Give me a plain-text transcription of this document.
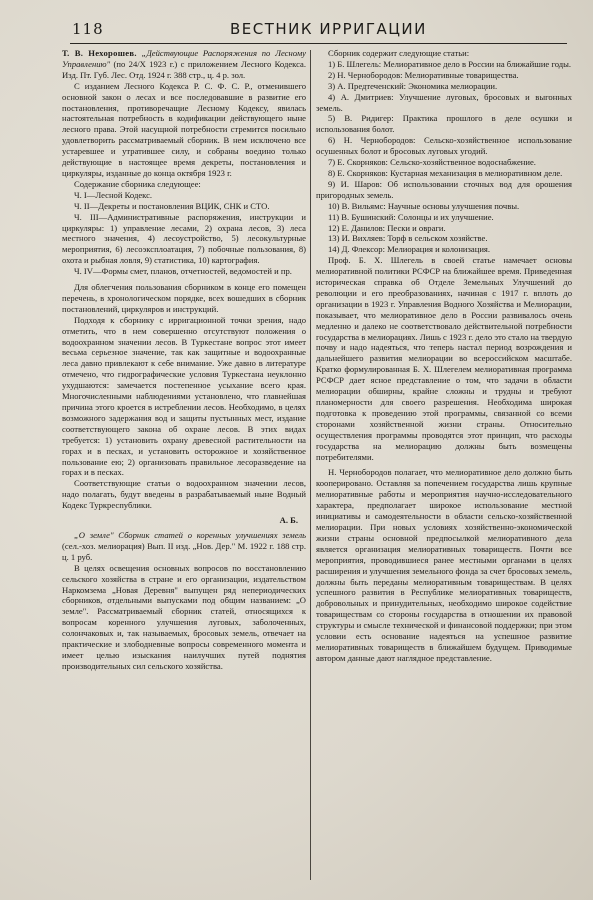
118	ВЕСТНИК ИРРИГАЦИИ

Т. В. Нехорошев. „Действующие Распоряжения по Лесному Управлению" (по 24/X 1923 г.) с приложением Лесного Кодекса. Изд. Пт. Губ. Лес. Отд. 1924 г. 388 стр., ц. 4 р. зол.

С изданием Лесного Кодекса Р. С. Ф. С. Р., отменившего основной закон о лесах и все последовавшие в развитие его постановления, противоречащие Лесному Кодексу, явилась настоятельная потребность в кодификации действующего ныне лесного права. Этой насущной потребности стремится посильно удовлетворить рассматриваемый сборник. В нем исключено все устаревшее и утратившее силу, и собраны воедино только действующие в настоящее время декреты, постановления и циркуляры, изданные до конца октября 1923 г.

Содержание сборника следующее:

Ч. I—Лесной Кодекс.

Ч. II—Декреты и постановления ВЦИК, СНК и СТО.

Ч. III—Административные распоряжения, инструкции и циркуляры: 1) управление лесами, 2) охрана лесов, 3) леса местного значения, 4) лесоустройство, 5) лесокультурные мероприятия, 6) лесоэксплоатация, 7) побочные пользования, 8) охота и рыбная ловля, 9) статистика, 10) картография.

Ч. IV—Формы смет, планов, отчетностей, ведомостей и пр.

Для облегчения пользования сборником в конце его помещен перечень, в хронологическом порядке, всех вошедших в сборник постановлений, циркуляров и инструкций.

Подходя к сборнику с ирригационной точки зрения, надо отметить, что в нем совершенно отсутствуют положения о водоохранном значении лесов. В Туркестане вопрос этот имеет весьма серьезное значение, так как защитные и водоохранные леса давно привлекают к себе внимание. Уже давно в литературе отмечено, что гидрографические условия Туркестана неуклонно ухудшаются: замечается постепенное усыхание всего края. Многочисленными наблюдениями установлено, что главнейшая причина этого кроется в истреблении лесов. Необходимо, в целях возможного задержания вод и защиты пустынных мест, издание соответствующего закона об охране лесов. В этих видах требуется: 1) установить охрану древесной растительности на горах и в песках, и установить осторожное и хозяйственное пользование ею; 2) организовать правильное лесоразведение на горах и в песках.

Соответствующие статьи о водоохранном значении лесов, надо полагать, будут введены в разрабатываемый ныне Водный Кодекс Туркреспублики.

А. Б.

„О земле" Сборник статей о коренных улучшениях земель (сел.-хоз. мелиорация) Вып. II изд. „Нов. Дер." М. 1922 г. 188 стр. ц. 1 руб.

В целях освещения основных вопросов по восстановлению сельского хозяйства в стране и его организации, издательством Наркомзема „Новая Деревня" выпущен ряд непериодических сборников, отдельными выпусками под общим названием: „О земле". Рассматриваемый сборник статей, относящихся к вопросам коренного улучшения луговых, заболоченных, солончаковых и, так называемых, бросовых земель, отвечает на практические и злободневные вопросы современного момента и имеет целью изыскания наилучших путей поднятия производительных сил сельского хозяйства.

Сборник содержит следующие статьи:

1) Б. Шлегель: Мелиоративное дело в России на ближайшие годы.

2) Н. Чернобородов: Мелиоративные товарищества.

3) А. Предтеченский: Экономика мелиорации.

4) А. Дмитриев: Улучшение луговых, бросовых и выгонных земель.

5) В. Ридигер: Практика прошлого в деле осушки и использования болот.

6) Н. Чернобородов: Сельско-хозяйственное использование осушенных болот и бросовых луговых угодий.

7) Е. Скорняков: Сельско-хозяйственное водоснабжение.

8) Е. Скорняков: Кустарная механизация в мелиоративном деле.

9) И. Шаров: Об использовании сточных вод для орошения пригородных земель.

10) В. Вильямс: Научные основы улучшения почвы.

11) В. Бушинский: Солонцы и их улучшение.

12) Е. Данилов: Пески и овраги.

13) И. Вихляев: Торф в сельском хозяйстве.

14) Д. Флексор: Мелиорация и колонизация.

Проф. Б. Х. Шлегель в своей статье намечает основы мелиоративной политики РСФСР на ближайшее время. Приведенная историческая справка об Отделе Земельных Улучшений до революции и его преобразованиях, начиная с 1917 г. вплоть до организации в 1923 г. Управления Водного Хозяйства и Мелиорации, показывает, что мелиоративное дело в России развивалось очень медленно и далеко не соответствовало действительной потребности государства в мелиорациях. Лишь с 1923 г. дело это стало на твердую почву и надо надеяться, что теперь настал период возрождения и дальнейшего развития мелиорации во всероссийском масштабе. Кратко формулированная Б. Х. Шлегелем мелиоративная программа РСФСР дает ясное представление о том, что задачи в области мелиорации обширны, крайне сложны и трудны и требуют планомерности для своего разрешения. Необходима широкая подготовка к проведению этой программы, связанной со всеми сторонами хозяйственной жизни страны. Относительно осуществления программы проводятся этот принцип, что расходы государства на мелиорацию должны быть возмещены потребителями.

Н. Чернобородов полагает, что мелиоративное дело должно быть кооперировано. Оставляя за попечением государства лишь крупные мелиоративные работы и мероприятия научно-исследовательного характера, предполагает широкое использование местной инициативы и самодеятельности в области сельско-хозяйственной мелиорации. При новых условиях хозяйственно-экономической жизни страны основной предпосылкой мелиоративного дела является организация мелиоративных товариществ. Почти все мероприятия, проводившиеся ранее местными органами в целях расширения и улучшения земельного фонда за счет бросовых земель, должны быть переданы мелиоративным товариществам. В целях успешного развития в Республике мелиоративных товариществ, добровольных и принудительных, необходимо широкое содействие товариществам со стороны государства в отношении их правовой структуры и смысле технической и финансовой поддержки; при этом условии есть основание надеяться на успешное развитие мелиоративных товариществ в ближайшем будущем. Приводимые автором данные дают наглядное представление.
